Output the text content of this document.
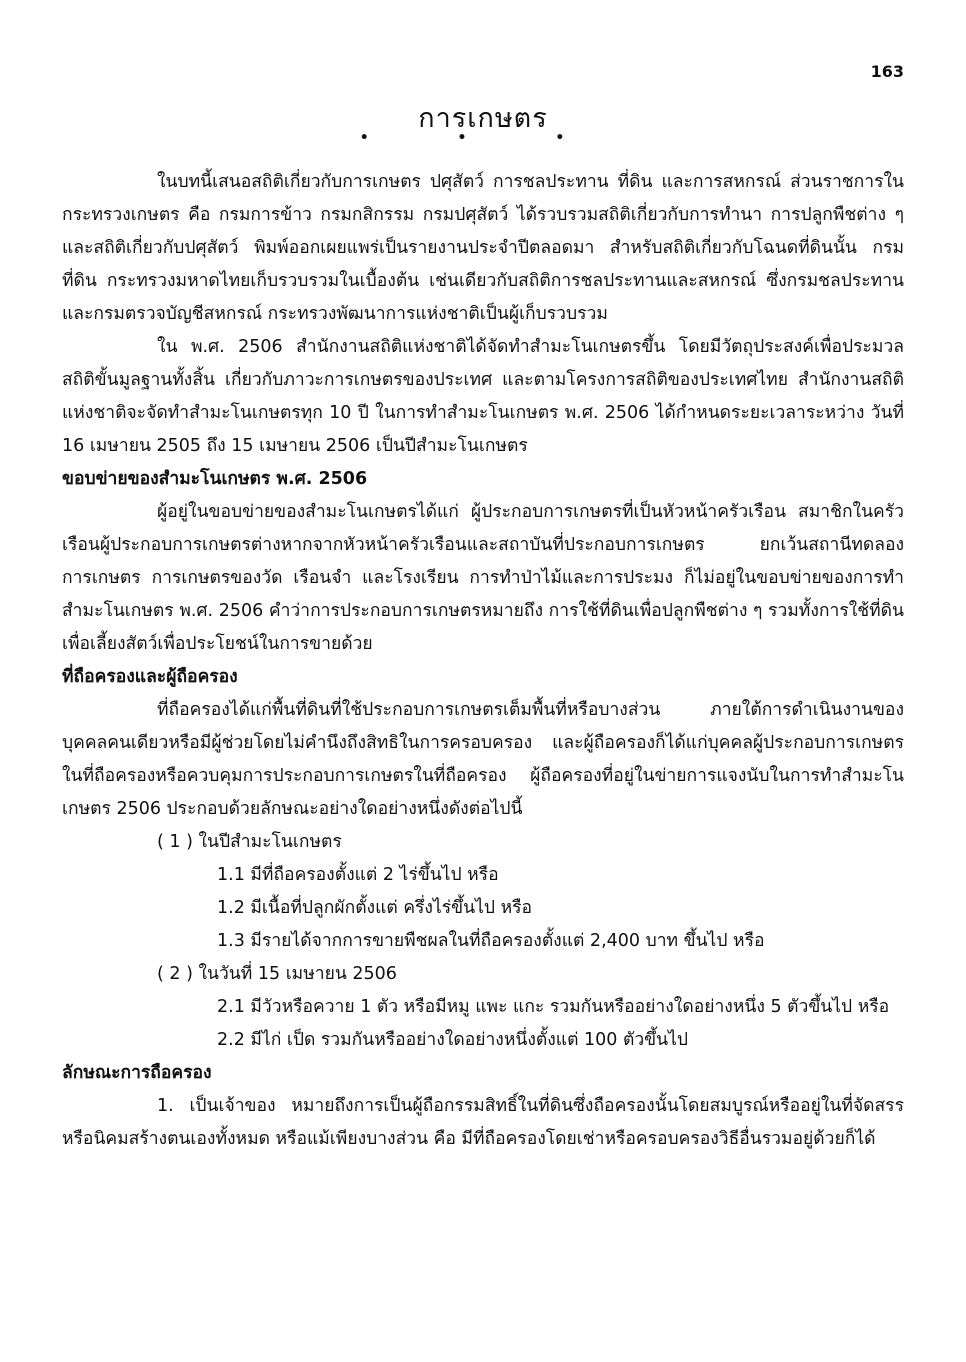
163
การเกษตร
• • •

ในบทนี้เสนอสถิติเกี่ยวกับการเกษตร ปศุสัตว์ การชลประทาน ที่ดิน และการสหกรณ์ ส่วนราชการในกระทรวงเกษตร คือ กรมการข้าว กรมกสิกรรม กรมปศุสัตว์ ได้รวบรวมสถิติเกี่ยวกับการทำนา การปลูกพืชต่าง ๆ และสถิติเกี่ยวกับปศุสัตว์ พิมพ์ออกเผยแพร่เป็นรายงานประจำปีตลอดมา สำหรับสถิติเกี่ยวกับโฉนดที่ดินนั้น กรมที่ดิน กระทรวงมหาดไทยเก็บรวบรวมในเบื้องต้น เช่นเดียวกับสถิติการชลประทานและสหกรณ์ ซึ่งกรมชลประทานและกรมตรวจบัญชีสหกรณ์ กระทรวงพัฒนาการแห่งชาติเป็นผู้เก็บรวบรวม

ใน พ.ศ. 2506 สำนักงานสถิติแห่งชาติได้จัดทำสำมะโนเกษตรขึ้น โดยมีวัตถุประสงค์เพื่อประมวลสถิติขั้นมูลฐานทั้งสิ้น เกี่ยวกับภาวะการเกษตรของประเทศ และตามโครงการสถิติของประเทศไทย สำนักงานสถิติแห่งชาติจะจัดทำสำมะโนเกษตรทุก 10 ปี ในการทำสำมะโนเกษตร พ.ศ. 2506 ได้กำหนดระยะเวลาระหว่าง วันที่ 16 เมษายน 2505 ถึง 15 เมษายน 2506 เป็นปีสำมะโนเกษตร

ขอบข่ายของสำมะโนเกษตร พ.ศ. 2506

ผู้อยู่ในขอบข่ายของสำมะโนเกษตรได้แก่ ผู้ประกอบการเกษตรที่เป็นหัวหน้าครัวเรือน สมาชิกในครัวเรือนผู้ประกอบการเกษตรต่างหากจากหัวหน้าครัวเรือนและสถาบันที่ประกอบการเกษตร ยกเว้นสถานีทดลองการเกษตร การเกษตรของวัด เรือนจำ และโรงเรียน การทำป่าไม้และการประมง ก็ไม่อยู่ในขอบข่ายของการทำสำมะโนเกษตร พ.ศ. 2506 คำว่าการประกอบการเกษตรหมายถึง การใช้ที่ดินเพื่อปลูกพืชต่าง ๆ รวมทั้งการใช้ที่ดินเพื่อเลี้ยงสัตว์เพื่อประโยชน์ในการขายด้วย

ที่ถือครองและผู้ถือครอง

ที่ถือครองได้แก่พื้นที่ดินที่ใช้ประกอบการเกษตรเต็มพื้นที่หรือบางส่วน ภายใต้การดำเนินงานของบุคคลคนเดียวหรือมีผู้ช่วยโดยไม่คำนึงถึงสิทธิในการครอบครอง และผู้ถือครองก็ได้แก่บุคคลผู้ประกอบการเกษตรในที่ถือครองหรือควบคุมการประกอบการเกษตรในที่ถือครอง ผู้ถือครองที่อยู่ในข่ายการแจงนับในการทำสำมะโนเกษตร 2506 ประกอบด้วยลักษณะอย่างใดอย่างหนึ่งดังต่อไปนี้

( 1 ) ในปีสำมะโนเกษตร
1.1 มีที่ถือครองตั้งแต่ 2 ไร่ขึ้นไป หรือ
1.2 มีเนื้อที่ปลูกผักตั้งแต่ ครึ่งไร่ขึ้นไป หรือ
1.3 มีรายได้จากการขายพืชผลในที่ถือครองตั้งแต่ 2,400 บาท ขึ้นไป หรือ
( 2 ) ในวันที่ 15 เมษายน 2506

2.1 มีวัวหรือควาย 1 ตัว หรือมีหมู แพะ แกะ รวมกันหรืออย่างใดอย่างหนึ่ง 5 ตัวขึ้นไป หรือ

2.2 มีไก่ เป็ด รวมกันหรืออย่างใดอย่างหนึ่งตั้งแต่ 100 ตัวขึ้นไป
ลักษณะการถือครอง

1. เป็นเจ้าของ หมายถึงการเป็นผู้ถือกรรมสิทธิ์ในที่ดินซึ่งถือครองนั้นโดยสมบูรณ์หรืออยู่ในที่จัดสรรหรือนิคมสร้างตนเองทั้งหมด หรือแม้เพียงบางส่วน คือ มีที่ถือครองโดยเช่าหรือครอบครองวิธีอื่นรวมอยู่ด้วยก็ได้
